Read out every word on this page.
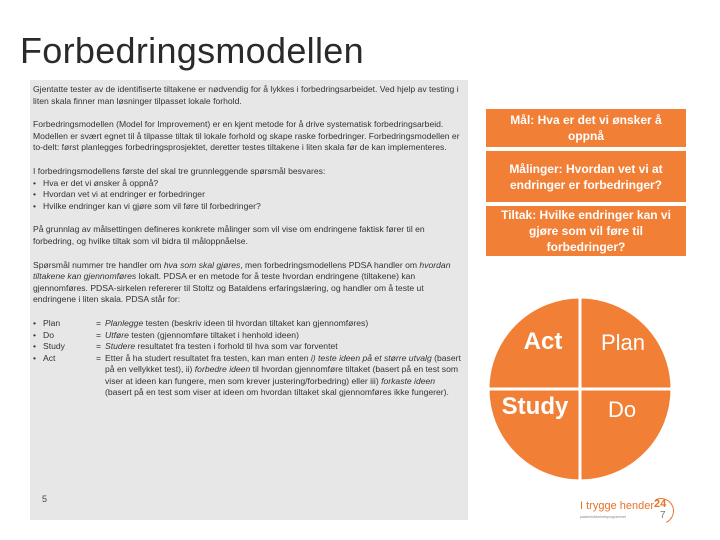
Forbedringsmodellen

Gjentatte tester av de identifiserte tiltakene er nødvendig for å lykkes i forbedringsarbeidet. Ved hjelp av testing i liten skala finner man løsninger tilpasset lokale forhold.

Forbedringsmodellen (Model for Improvement) er en kjent metode for å drive systematisk forbedringsarbeid. Modellen er svært egnet til å tilpasse tiltak til lokale forhold og skape raske forbedringer. Forbedringsmodellen er to-delt: først planlegges forbedringsprosjektet, deretter testes tiltakene i liten skala før de kan implementeres.

I forbedringsmodellens første del skal tre grunnleggende spørsmål besvares:

• Hva er det vi ønsker å oppnå?
• Hvordan vet vi at endringer er forbedringer
• Hvilke endringer kan vi gjøre som vil føre til forbedringer?

På grunnlag av målsettingen defineres konkrete målinger som vil vise om endringene faktisk fører til en forbedring, og hvilke tiltak som vil bidra til måloppnåelse.

Spørsmål nummer tre handler om hva som skal gjøres, men forbedringsmodellens PDSA handler om hvordan tiltakene kan gjennomføres lokalt. PDSA er en metode for å teste hvordan endringene (tiltakene) kan gjennomføres. PDSA-sirkelen refererer til Stoltz og Bataldens erfaringslæring, og handler om å teste ut endringene i liten skala. PDSA står for:

• Plan	= Planlegge testen (beskriv ideen til hvordan tiltaket kan gjennomføres)
• Do	= Utføre testen (gjennomføre tiltaket i henhold ideen)
• Study	= Studere resultatet fra testen i forhold til hva som var forventet
• Act	= Etter å ha studert resultatet fra testen, kan man enten i) teste ideen på et større utvalg (basert på en vellykket test), ii) forbedre ideen til hvordan gjennomføre tiltaket (basert på en test som viser at ideen kan fungere, men som krever justering/forbedring) eller iii) forkaste ideen (basert på en test som viser at ideen om hvordan tiltaket skal gjennomføres ikke fungerer).
5
Mål: Hva er det vi ønsker å oppnå
Målinger: Hvordan vet vi at endringer er forbedringer?
Tiltak: Hvilke endringer kan vi gjøre som vil føre til forbedringer?
Act Plan
Study Do
I trygge hender
pasientsikkerhetsprogrammet
24
7
